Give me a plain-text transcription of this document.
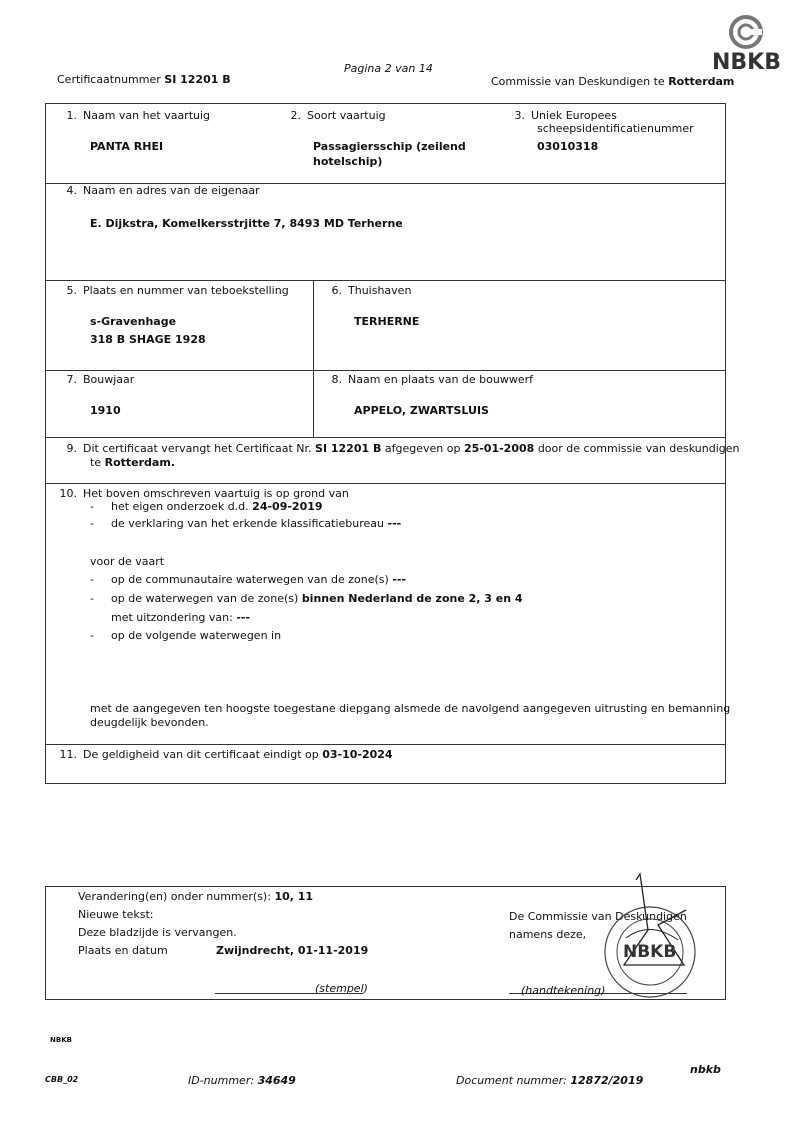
Pagina 2 van 14
Certificaatnummer SI 12201 B	Commissie van Deskundigen te Rotterdam
NBKB
1. Naam van het vaartuig
PANTA RHEI
2. Soort vaartuig
Passagiersschip (zeilend
hotelschip)
3. Uniek Europees
scheepsidentificatienummer
03010318
4. Naam en adres van de eigenaar
E. Dijkstra, Komelkersstrjitte 7, 8493 MD Terherne
5. Plaats en nummer van teboekstelling
s-Gravenhage
318 B SHAGE 1928
6. Thuishaven
TERHERNE
7. Bouwjaar
1910
8. Naam en plaats van de bouwwerf
APPELO, ZWARTSLUIS
9. Dit certificaat vervangt het Certificaat Nr. SI 12201 B afgegeven op 25-01-2008 door de commissie van deskundigen
te Rotterdam.
10. Het boven omschreven vaartuig is op grond van
- het eigen onderzoek d.d. 24-09-2019
- de verklaring van het erkende klassificatiebureau ---
voor de vaart
- op de communautaire waterwegen van de zone(s) ---
- op de waterwegen van de zone(s) binnen Nederland de zone 2, 3 en 4
met uitzondering van: ---
- op de volgende waterwegen in
met de aangegeven ten hoogste toegestane diepgang alsmede de navolgend aangegeven uitrusting en bemanning
deugdelijk bevonden.
11. De geldigheid van dit certificaat eindigt op 03-10-2024
Verandering(en) onder nummer(s): 10, 11
Nieuwe tekst:
Deze bladzijde is vervangen.
Plaats en datum	Zwijndrecht, 01-11-2019
De Commissie van Deskundigen
namens deze,
(stempel)	(handtekening)
NBKB
NBKB
CBB_02	ID-nummer: 34649	Document nummer: 12872/2019
nbkb
